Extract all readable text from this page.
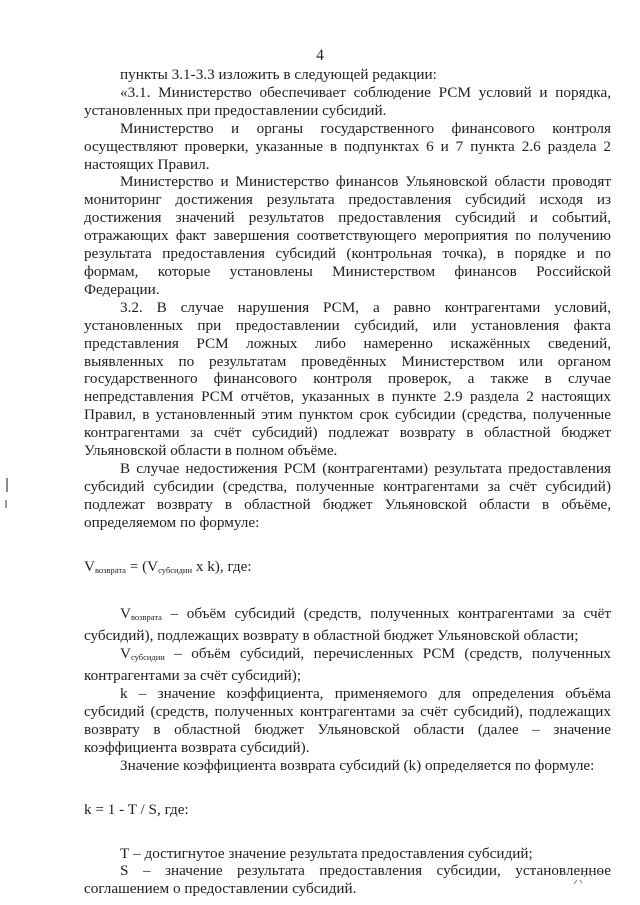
4

пункты 3.1-3.3 изложить в следующей редакции:

«3.1. Министерство обеспечивает соблюдение РСМ условий и порядка, установленных при предоставлении субсидий.

Министерство и органы государственного финансового контроля осуществляют проверки, указанные в подпунктах 6 и 7 пункта 2.6 раздела 2 настоящих Правил.

Министерство и Министерство финансов Ульяновской области проводят мониторинг достижения результата предоставления субсидий исходя из достижения значений результатов предоставления субсидий и событий, отражающих факт завершения соответствующего мероприятия по получению результата предоставления субсидий (контрольная точка), в порядке и по формам, которые установлены Министерством финансов Российской Федерации.

3.2. В случае нарушения РСМ, а равно контрагентами условий, установленных при предоставлении субсидий, или установления факта представления РСМ ложных либо намеренно искажённых сведений, выявленных по результатам проведённых Министерством или органом государственного финансового контроля проверок, а также в случае непредставления РСМ отчётов, указанных в пункте 2.9 раздела 2 настоящих Правил, в установленный этим пунктом срок субсидии (средства, полученные контрагентами за счёт субсидий) подлежат возврату в областной бюджет Ульяновской области в полном объёме.

В случае недостижения РСМ (контрагентами) результата предоставления субсидий субсидии (средства, полученные контрагентами за счёт субсидий) подлежат возврату в областной бюджет Ульяновской области в объёме, определяемом по формуле:

$V_{возврата} = (V_{субсидии}$ x k), где:

$V_{возврата}$ – объём субсидий (средств, полученных контрагентами за счёт субсидий), подлежащих возврату в областной бюджет Ульяновской области;

$V_{субсидии}$ – объём субсидий, перечисленных РСМ (средств, полученных контрагентами за счёт субсидий);

k – значение коэффициента, применяемого для определения объёма субсидий (средств, полученных контрагентами за счёт субсидий), подлежащих возврату в областной бюджет Ульяновской области (далее – значение коэффициента возврата субсидий).

Значение коэффициента возврата субсидий (k) определяется по формуле:

k = 1 - T / S, где:

Т – достигнутое значение результата предоставления субсидий;

S – значение результата предоставления субсидии, установленное соглашением о предоставлении субсидий.
